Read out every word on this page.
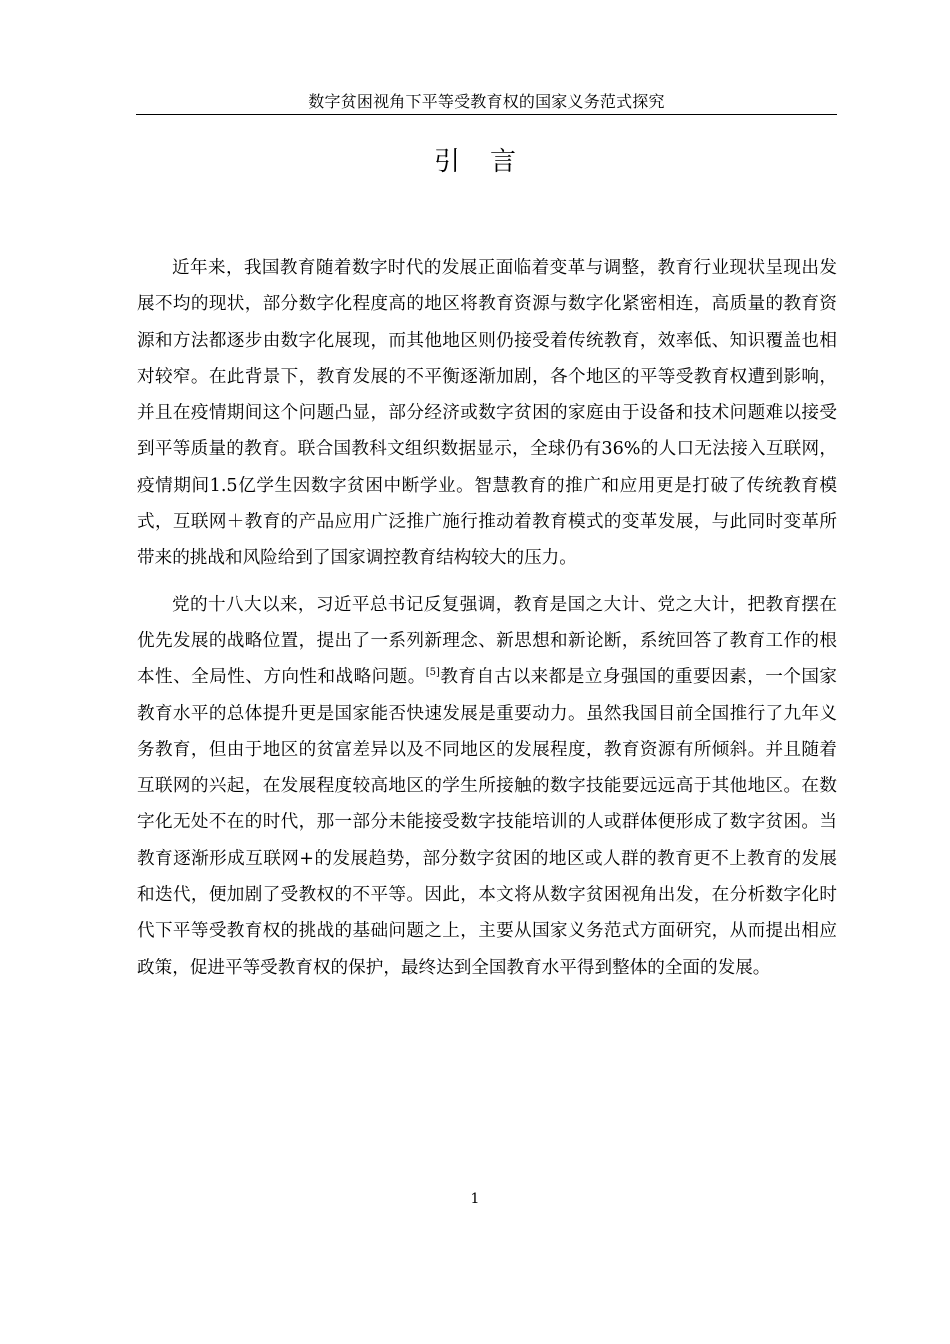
数字贫困视角下平等受教育权的国家义务范式探究
引言

近年来，我国教育随着数字时代的发展正面临着变革与调整，教育行业现状呈现出发展不均的现状，部分数字化程度高的地区将教育资源与数字化紧密相连，高质量的教育资源和方法都逐步由数字化展现，而其他地区则仍接受着传统教育，效率低、知识覆盖也相对较窄。在此背景下，教育发展的不平衡逐渐加剧，各个地区的平等受教育权遭到影响，并且在疫情期间这个问题凸显，部分经济或数字贫困的家庭由于设备和技术问题难以接受到平等质量的教育。联合国教科文组织数据显示，全球仍有36%的人口无法接入互联网，疫情期间1.5亿学生因数字贫困中断学业。智慧教育的推广和应用更是打破了传统教育模式，互联网＋教育的产品应用广泛推广施行推动着教育模式的变革发展，与此同时变革所带来的挑战和风险给到了国家调控教育结构较大的压力。

党的十八大以来，习近平总书记反复强调，教育是国之大计、党之大计，把教育摆在优先发展的战略位置，提出了一系列新理念、新思想和新论断，系统回答了教育工作的根本性、全局性、方向性和战略问题。[5]教育自古以来都是立身强国的重要因素，一个国家教育水平的总体提升更是国家能否快速发展是重要动力。虽然我国目前全国推行了九年义务教育，但由于地区的贫富差异以及不同地区的发展程度，教育资源有所倾斜。并且随着互联网的兴起，在发展程度较高地区的学生所接触的数字技能要远远高于其他地区。在数字化无处不在的时代，那一部分未能接受数字技能培训的人或群体便形成了数字贫困。当教育逐渐形成互联网+的发展趋势，部分数字贫困的地区或人群的教育更不上教育的发展和迭代，便加剧了受教权的不平等。因此，本文将从数字贫困视角出发，在分析数字化时代下平等受教育权的挑战的基础问题之上，主要从国家义务范式方面研究，从而提出相应政策，促进平等受教育权的保护，最终达到全国教育水平得到整体的全面的发展。

1
